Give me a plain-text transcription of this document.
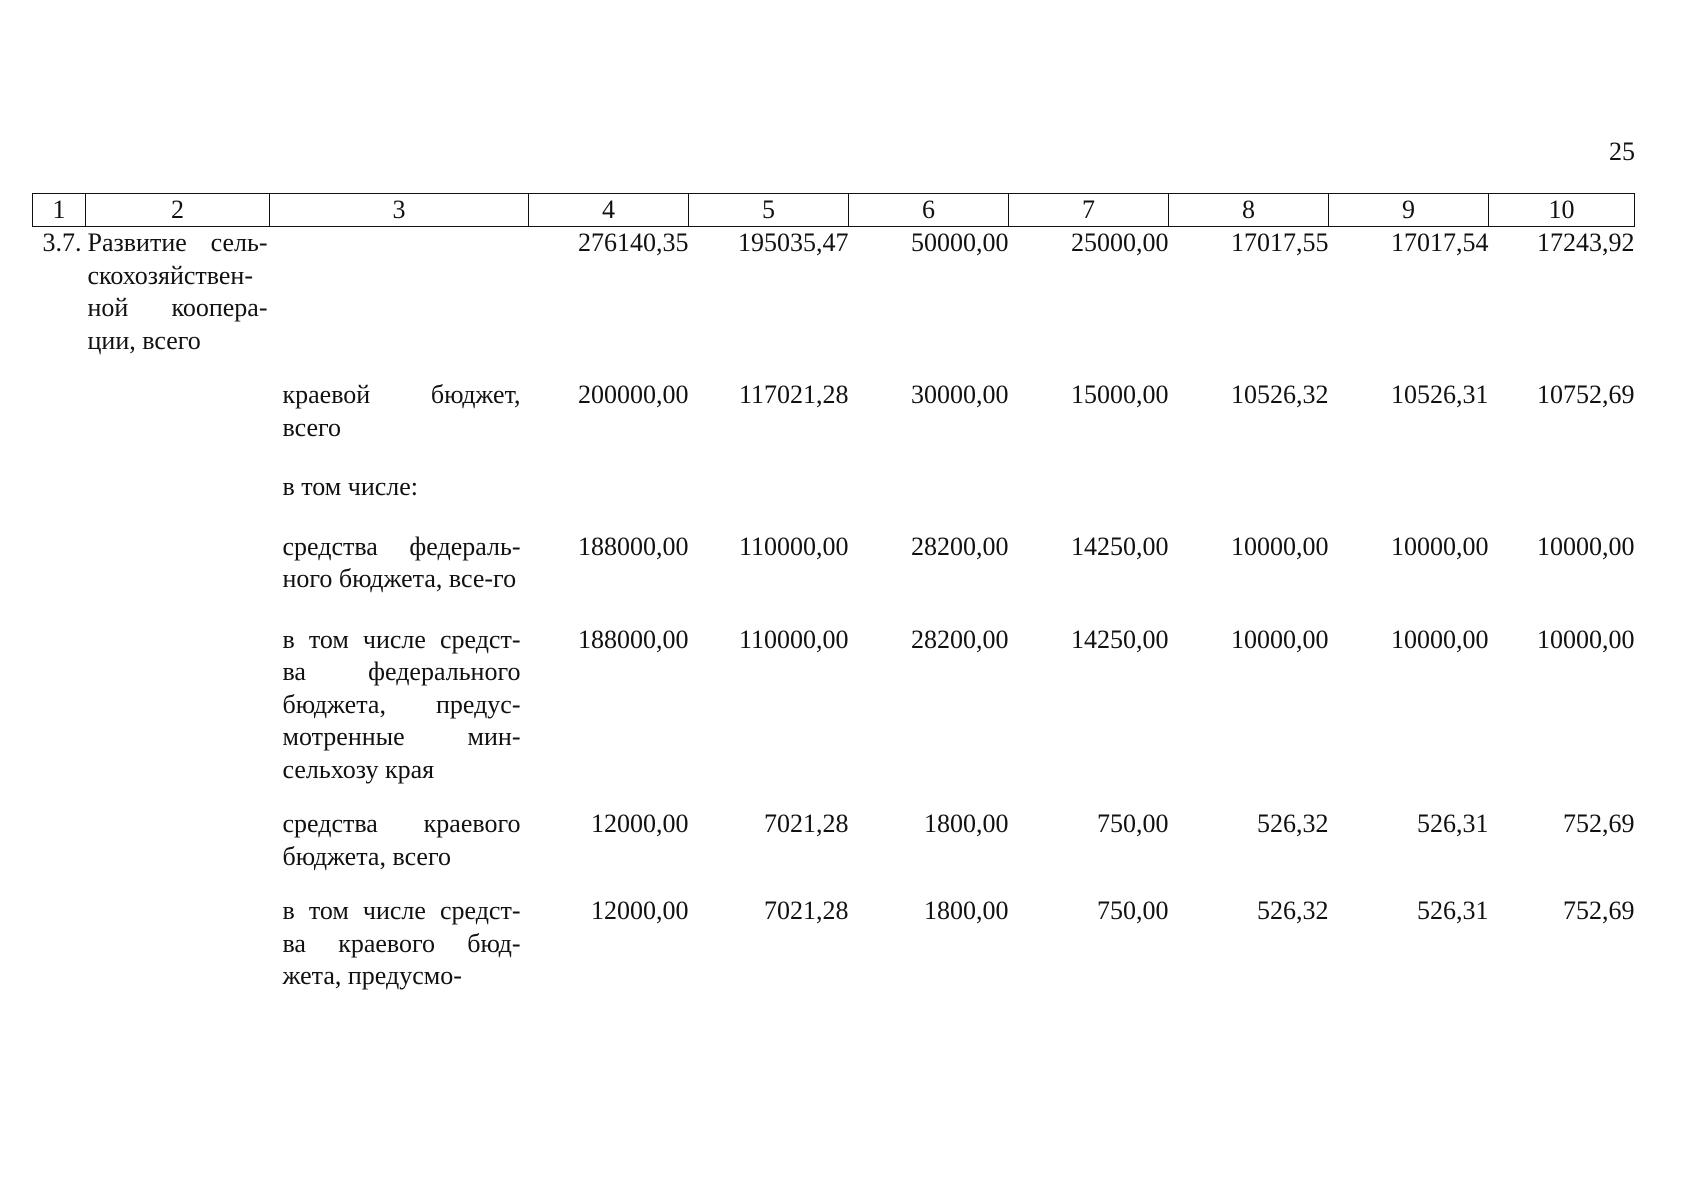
25
1	2	3	4	5	6	7	8	9	10
3.7.	Развитие сель-скохозяйствен-ной коопера-ции, всего		276140,35	195035,47	50000,00	25000,00	17017,55	17017,54	17243,92
		краевой бюджет, всего	200000,00	117021,28	30000,00	15000,00	10526,32	10526,31	10752,69
		в том числе:							
		средства федераль-ного бюджета, все-го	188000,00	110000,00	28200,00	14250,00	10000,00	10000,00	10000,00
		в том числе средст-ва федерального бюджета, предус-мотренные мин-сельхозу края	188000,00	110000,00	28200,00	14250,00	10000,00	10000,00	10000,00
		средства краевого бюджета, всего	12000,00	7021,28	1800,00	750,00	526,32	526,31	752,69
		в том числе средст-ва краевого бюд-жета, предусмо-	12000,00	7021,28	1800,00	750,00	526,32	526,31	752,69
